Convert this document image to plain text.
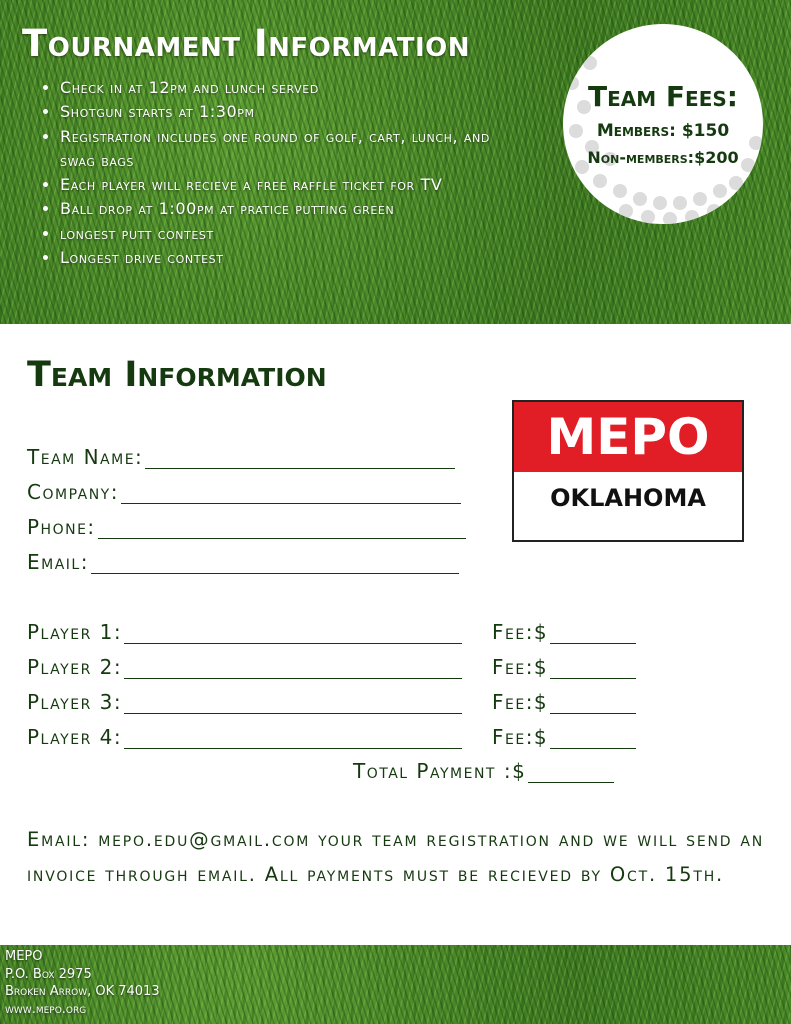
Tournament Information
• Check in at 12pm and lunch served
• Shotgun starts at 1:30pm
• Registration includes one round of golf, cart, lunch, and swag bags
• Each player will recieve a free raffle ticket for TV
• Ball drop at 1:00pm at pratice putting green
• longest putt contest
• Longest drive contest
Team Fees:
Members: $150
Non-members:$200
Team Information
Team Name:
Company:
Phone:
Email:
MEPO
OKLAHOMA
Player 1:	Fee:$
Player 2:	Fee:$
Player 3:	Fee:$
Player 4:	Fee:$
Total Payment :$

Email: mepo.edu@gmail.com your team registration and we will send an invoice through email. All payments must be recieved by Oct. 15th.

MEPO
P.O. Box 2975
Broken Arrow, OK 74013
www.mepo.org
